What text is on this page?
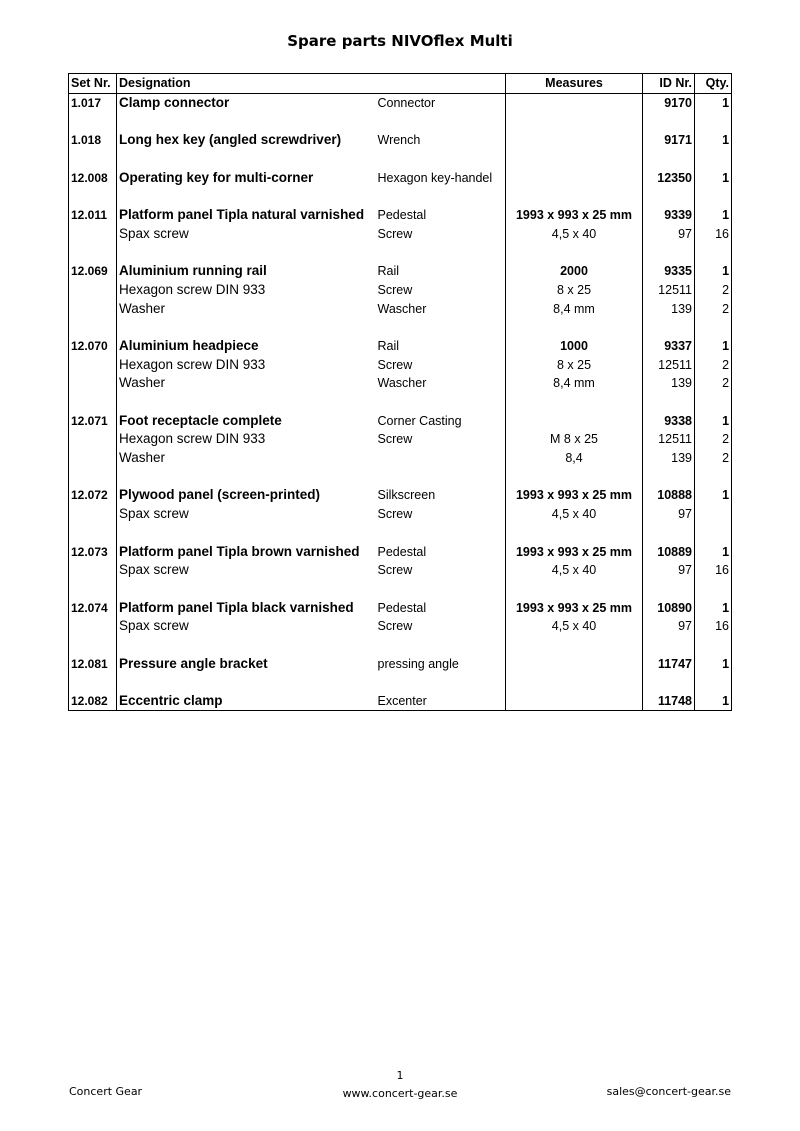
Spare parts NIVOflex Multi
Set Nr.	Designation		Measures	ID Nr.	Qty.
1.017	Clamp connector	Connector		9170	1

1.018	Long hex key (angled screwdriver)	Wrench		9171	1

12.008	Operating key for multi-corner	Hexagon key-handel		12350	1

12.011	Platform panel Tipla natural varnished	Pedestal	1993 x 993 x 25 mm	9339	1
	Spax screw	Screw	4,5 x 40	97	16

12.069	Aluminium running rail	Rail	2000	9335	1
	Hexagon screw DIN 933	Screw	8 x 25	12511	2
	Washer	Wascher	8,4 mm	139	2

12.070	Aluminium headpiece	Rail	1000	9337	1
	Hexagon screw DIN 933	Screw	8 x 25	12511	2
	Washer	Wascher	8,4 mm	139	2

12.071	Foot receptacle complete	Corner Casting		9338	1
	Hexagon screw DIN 933	Screw	M 8 x 25	12511	2
	Washer		8,4	139	2

12.072	Plywood panel (screen-printed)	Silkscreen	1993 x 993 x 25 mm	10888	1
	Spax screw	Screw	4,5 x 40	97	

12.073	Platform panel Tipla brown varnished	Pedestal	1993 x 993 x 25 mm	10889	1
	Spax screw	Screw	4,5 x 40	97	16

12.074	Platform panel Tipla black varnished	Pedestal	1993 x 993 x 25 mm	10890	1
	Spax screw	Screw	4,5 x 40	97	16

12.081	Pressure angle bracket	pressing angle		11747	1

12.082	Eccentric clamp	Excenter		11748	1
1
Concert Gear	www.concert-gear.se	sales@concert-gear.se
